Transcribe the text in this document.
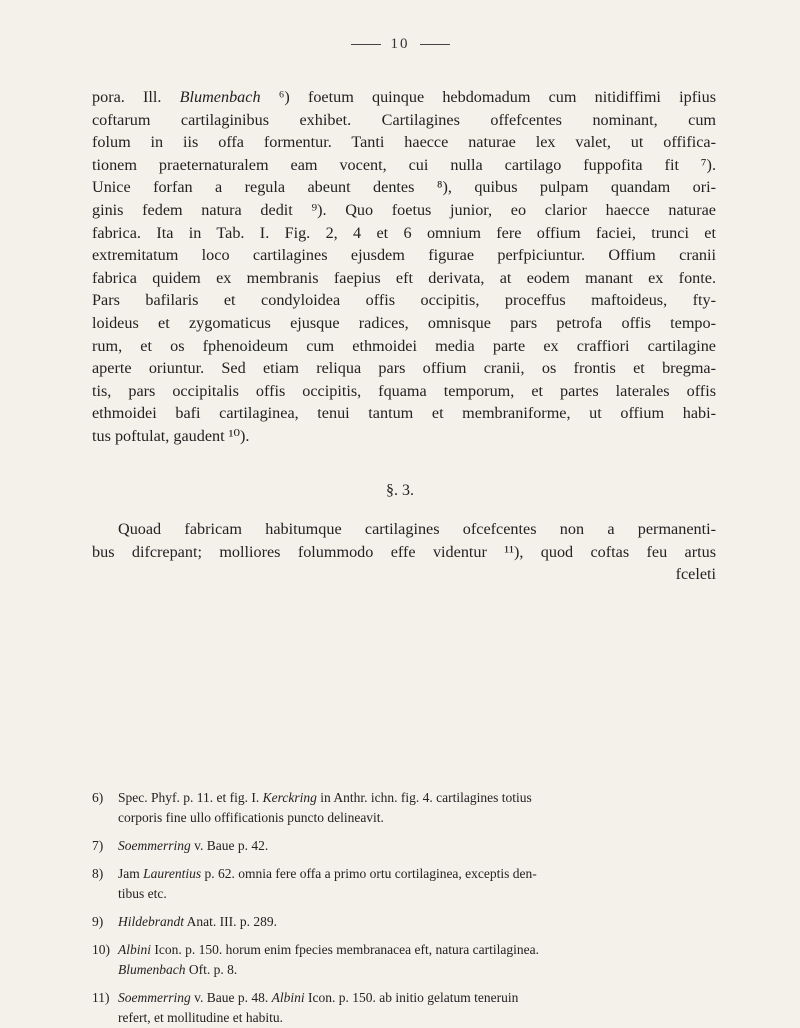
10
pora. Ill. Blumenbach ⁶) foetum quinque hebdomadum cum nitidiffimi ipfius
coftarum cartilaginibus exhibet. Cartilagines offefcentes nominant, cum
folum in iis offa formentur. Tanti haecce naturae lex valet, ut offifica-
tionem praeternaturalem eam vocent, cui nulla cartilago fuppofita fit ⁷).
Unice forfan a regula abeunt dentes ⁸), quibus pulpam quandam ori-
ginis fedem natura dedit ⁹). Quo foetus junior, eo clarior haecce naturae
fabrica. Ita in Tab. I. Fig. 2, 4 et 6 omnium fere offium faciei, trunci et
extremitatum loco cartilagines ejusdem figurae perfpiciuntur. Offium cranii
fabrica quidem ex membranis faepius eft derivata, at eodem manant ex fonte.
Pars bafilaris et condyloidea offis occipitis, proceffus maftoideus, fty-
loideus et zygomaticus ejusque radices, omnisque pars petrofa offis tempo-
rum, et os fphenoideum cum ethmoidei media parte ex craffiori cartilagine
aperte oriuntur. Sed etiam reliqua pars offium cranii, os frontis et bregma-
tis, pars occipitalis offis occipitis, fquama temporum, et partes laterales offis
ethmoidei bafi cartilaginea, tenui tantum et membraniforme, ut offium habi-
tus poftulat, gaudent ¹⁰).
§. 3.
Quoad fabricam habitumque cartilagines ofcefcentes non a permanenti-
bus difcrepant; molliores folummodo effe videntur ¹¹), quod coftas feu artus
fceleti
6) Spec. Phyf. p. 11. et fig. I. Kerckring in Anthr. ichn. fig. 4. cartilagines totius
corporis fine ullo offificationis puncto delineavit.
7) Soemmerring v. Baue p. 42.
8) Jam Laurentius p. 62. omnia fere offa a primo ortu cortilaginea, exceptis den-
tibus etc.
9) Hildebrandt Anat. III. p. 289.
10) Albini Icon. p. 150. horum enim fpecies membranacea eft, natura cartilaginea.
Blumenbach Oft. p. 8.
11) Soemmerring v. Baue p. 48. Albini Icon. p. 150. ab initio gelatum teneruin
refert, et mollitudine et habitu.
